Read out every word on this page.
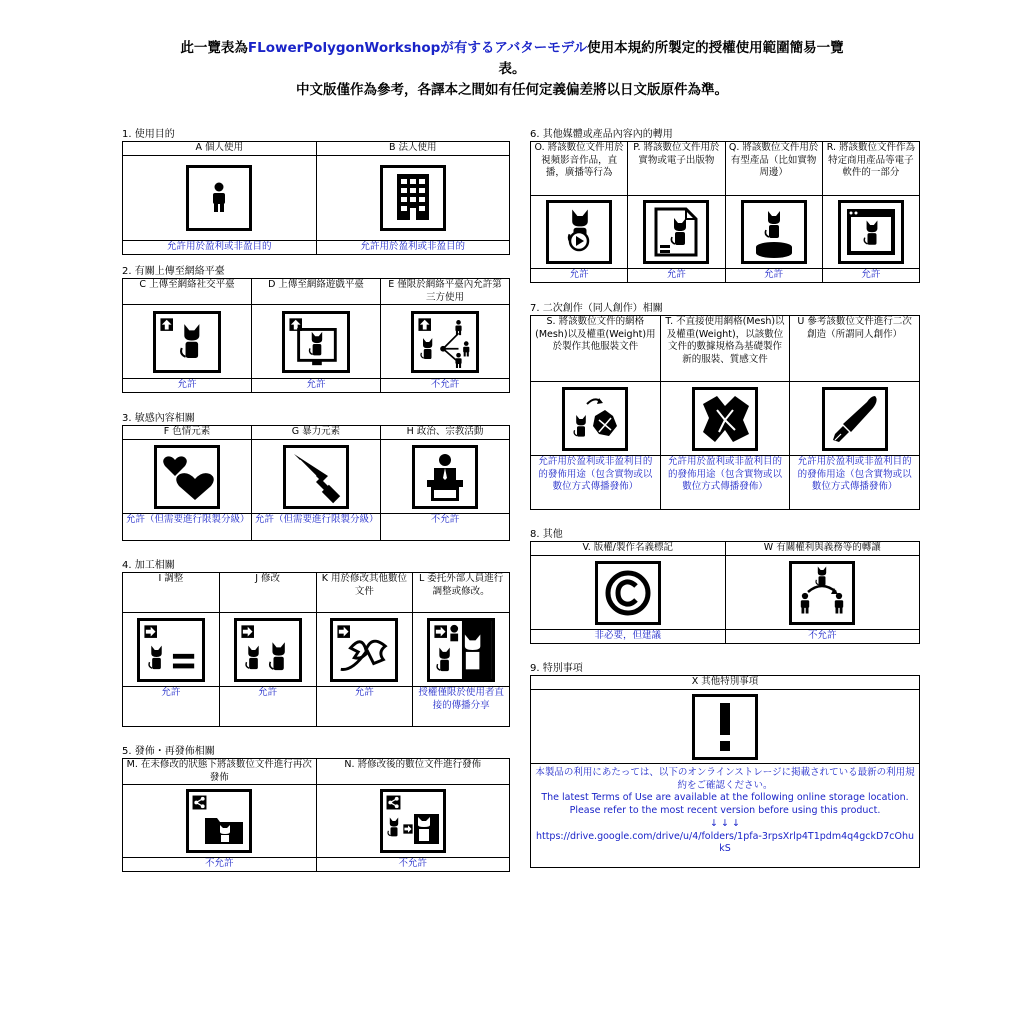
此一覽表為FLowerPolygonWorkshopが有するアバターモデル使用本規約所製定的授權使用範圍簡易一覽
表。
中文版僅作為參考，各譯本之間如有任何定義偏差將以日文版原件為準。
1. 使用目的
A 個人使用	B 法人使用

允許用於盈利或非盈目的	允許用於盈利或非盈目的
2. 有關上傳至網絡平臺
C 上傳至網絡社交平臺	D 上傳至網絡遊戲平臺	E 僅限於網絡平臺內允許第三方使用

允許	允許	不允許
3. 敏感內容相關
F 色情元素	G 暴力元素	H 政治、宗教活動

允許（但需要進行限製分級）	允許（但需要進行限製分級）	不允許
4. 加工相關
I 調整	J 修改	K 用於修改其他數位文件	L 委托外部人員進行調整或修改。

允許	允許	允許	授權僅限於使用者直接的傳播分享
5. 發佈・再發佈相關
M. 在未修改的狀態下將該數位文件進行再次發佈	N. 將修改後的數位文件進行發佈

不允許	不允許
6. 其他媒體或產品內容內的轉用
O. 將該數位文件用於視頻影音作品，直播，廣播等行為	P. 將該數位文件用於實物或電子出版物	Q. 將該數位文件用於有型產品（比如實物周邊）	R. 將該數位文件作為特定商用產品等電子軟件的一部分

允許	允許	允許	允許
7. 二次創作（同人創作）相關
S. 將該數位文件的網格(Mesh)以及權重(Weight)用於製作其他服裝文件	T. 不直接使用網格(Mesh)以及權重(Weight)，以該數位文件的數據規格為基礎製作新的服裝、質感文件	U 參考該數位文件進行二次創造（所謂同人創作）

允許用於盈利或非盈利目的的發佈用途（包含實物或以數位方式傳播發佈）	允許用於盈利或非盈利目的的發佈用途（包含實物或以數位方式傳播發佈）	允許用於盈利或非盈利目的的發佈用途（包含實物或以數位方式傳播發佈）
8. 其他
V. 版權/製作名義標記	W 有關權利與義務等的轉讓

非必要，但建議	不允許
9. 特別事項
X 其他特別事項

本製品の利用にあたっては、以下のオンラインストレージに掲載されている最新の利用規約をご確認ください。
The latest Terms of Use are available at the following online storage location. Please refer to the most recent version before using this product.
↓ ↓ ↓
https://drive.google.com/drive/u/4/folders/1pfa-3rpsXrlp4T1pdm4q4gckD7cOhukS
